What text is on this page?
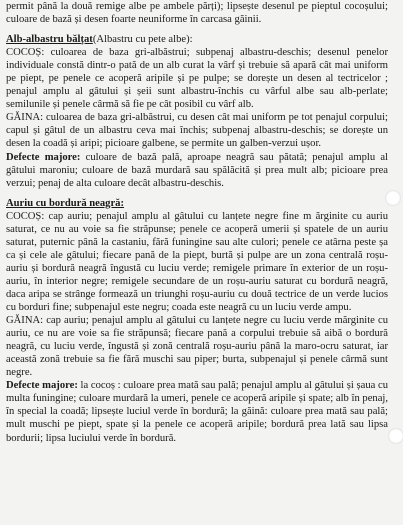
permit până la două remige albe pe ambele părți); lipsește desenul pe pieptul cocoșului; culoare de bază și desen foarte neuniforme în carcasa găinii.

Alb-albastru bălțat(Albastru cu pete albe):

COCOȘ: culoarea de baza gri-albăstrui; subpenaj albastru-deschis; desenul penelor individuale constă dintr-o pată de un alb curat la vârf și trebuie să apară cât mai uniform pe piept, pe penele ce acoperă aripile și pe pulpe; se dorește un desen al tectricelor ; penajul amplu al gâtului și șeii sunt albastru-închis cu vârful albe sau alb-perlate; semilunile și penele cârmă să fie pe cât posibil cu vârf alb.

GĂINA: culoarea de baza gri-albăstrui, cu desen cât mai uniform pe tot penajul corpului; capul și gâtul de un albastru ceva mai închis; subpenaj albastru-deschis; se dorește un desen la coadă și aripi; picioare galbene, se permite un galben-verzui ușor.

Defecte majore: culoare de bază pală, aproape neagră sau pătată; penajul amplu al gâtului maroniu; culoare de bază murdară sau spălăcită și prea mult alb; picioare prea verzui; penaj de alta culoare decât albastru-deschis.

Auriu cu bordură neagră:

COCOȘ: cap auriu; penajul amplu al gâtului cu lanțete negre fine m ărginite cu auriu saturat, ce nu au voie sa fie străpunse; penele ce acoperă umerii și spatele de un auriu saturat, puternic până la castaniu, fără funinginе sau alte culori; penele ce atârna peste șa ca și cele ale gâtului; fiecare pană de la piept, burtă și pulpe are un zona centrală roșu-auriu și bordură neagră îngustă cu luciu verde; remigele primare în exterior de un roșu-auriu, în interior negre; remigele secundare de un roșu-auriu saturat cu bordură neagră, daca aripa se strânge formează un triunghi roșu-auriu cu două tectrice de un verde lucios cu borduri fine; subpenajul este negru; coada este neagră cu un luciu verde ampu.

GĂINA: cap auriu; penajul amplu al gâtului cu lanțete negre cu luciu verde mărginite cu auriu, ce nu are voie sa fie străpunsă; fiecare pană a corpului trebuie să aibă o bordură neagră, cu luciu verde, îngustă și zonă centrală roșu-auriu până la maro-ocru saturat, iar această zonă trebuie sa fie fără muschi sau piper; burta, subpenajul și penele cârmă sunt negre.

Defecte majore: la cocoș : culoare prea mată sau pală; penajul amplu al gâtului și șaua cu multa funinginе; culoare murdară la umeri, penele ce acoperă aripile și spate; alb în penaj, în special la coadă; lipsește luciul verde în bordură; la găină: culoare prea mată sau pală; mult muschi pe piept, spate și la penele ce acoperă aripile; bordură prea lată sau lipsa bordurii; lipsa luciului verde în bordură.
